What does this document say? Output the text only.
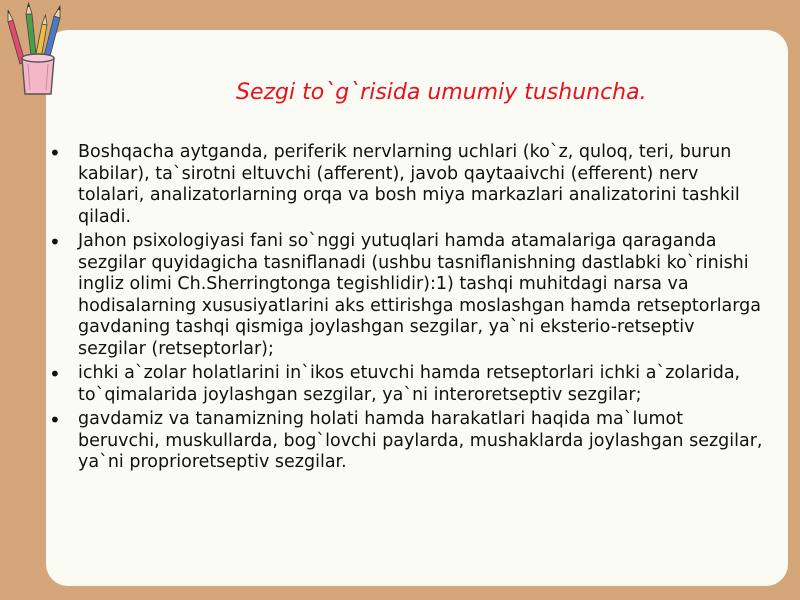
Sezgi to`g`risida umumiy tushuncha.
• Boshqacha aytganda, periferik nervlarning uchlari (ko`z, quloq, teri, burun kabilar), ta`sirotni eltuvchi (afferent), javob qaytaaivchi (efferent) nerv tolalari, analizatorlarning orqa va bosh miya markazlari analizatorini tashkil qiladi.
• Jahon psixologiyasi fani so`nggi yutuqlari hamda atamalariga qaraganda sezgilar quyidagicha tasniflanadi (ushbu tasniflanishning dastlabki ko`rinishi ingliz olimi Ch.Sherringtonga tegishlidir):1) tashqi muhitdagi narsa va hodisalarning xususiyatlarini aks ettirishga moslashgan hamda retseptorlarga gavdaning tashqi qismiga joylashgan sezgilar, ya`ni eksterio-retseptiv sezgilar (retseptorlar);
• ichki a`zolar holatlarini in`ikos etuvchi hamda retseptorlari ichki a`zolarida, to`qimalarida joylashgan sezgilar, ya`ni interoretseptiv sezgilar;
• gavdamiz va tanamizning holati hamda harakatlari haqida ma`lumot beruvchi, muskullarda, bog`lovchi paylarda, mushaklarda joylashgan sezgilar, ya`ni proprioretseptiv sezgilar.
